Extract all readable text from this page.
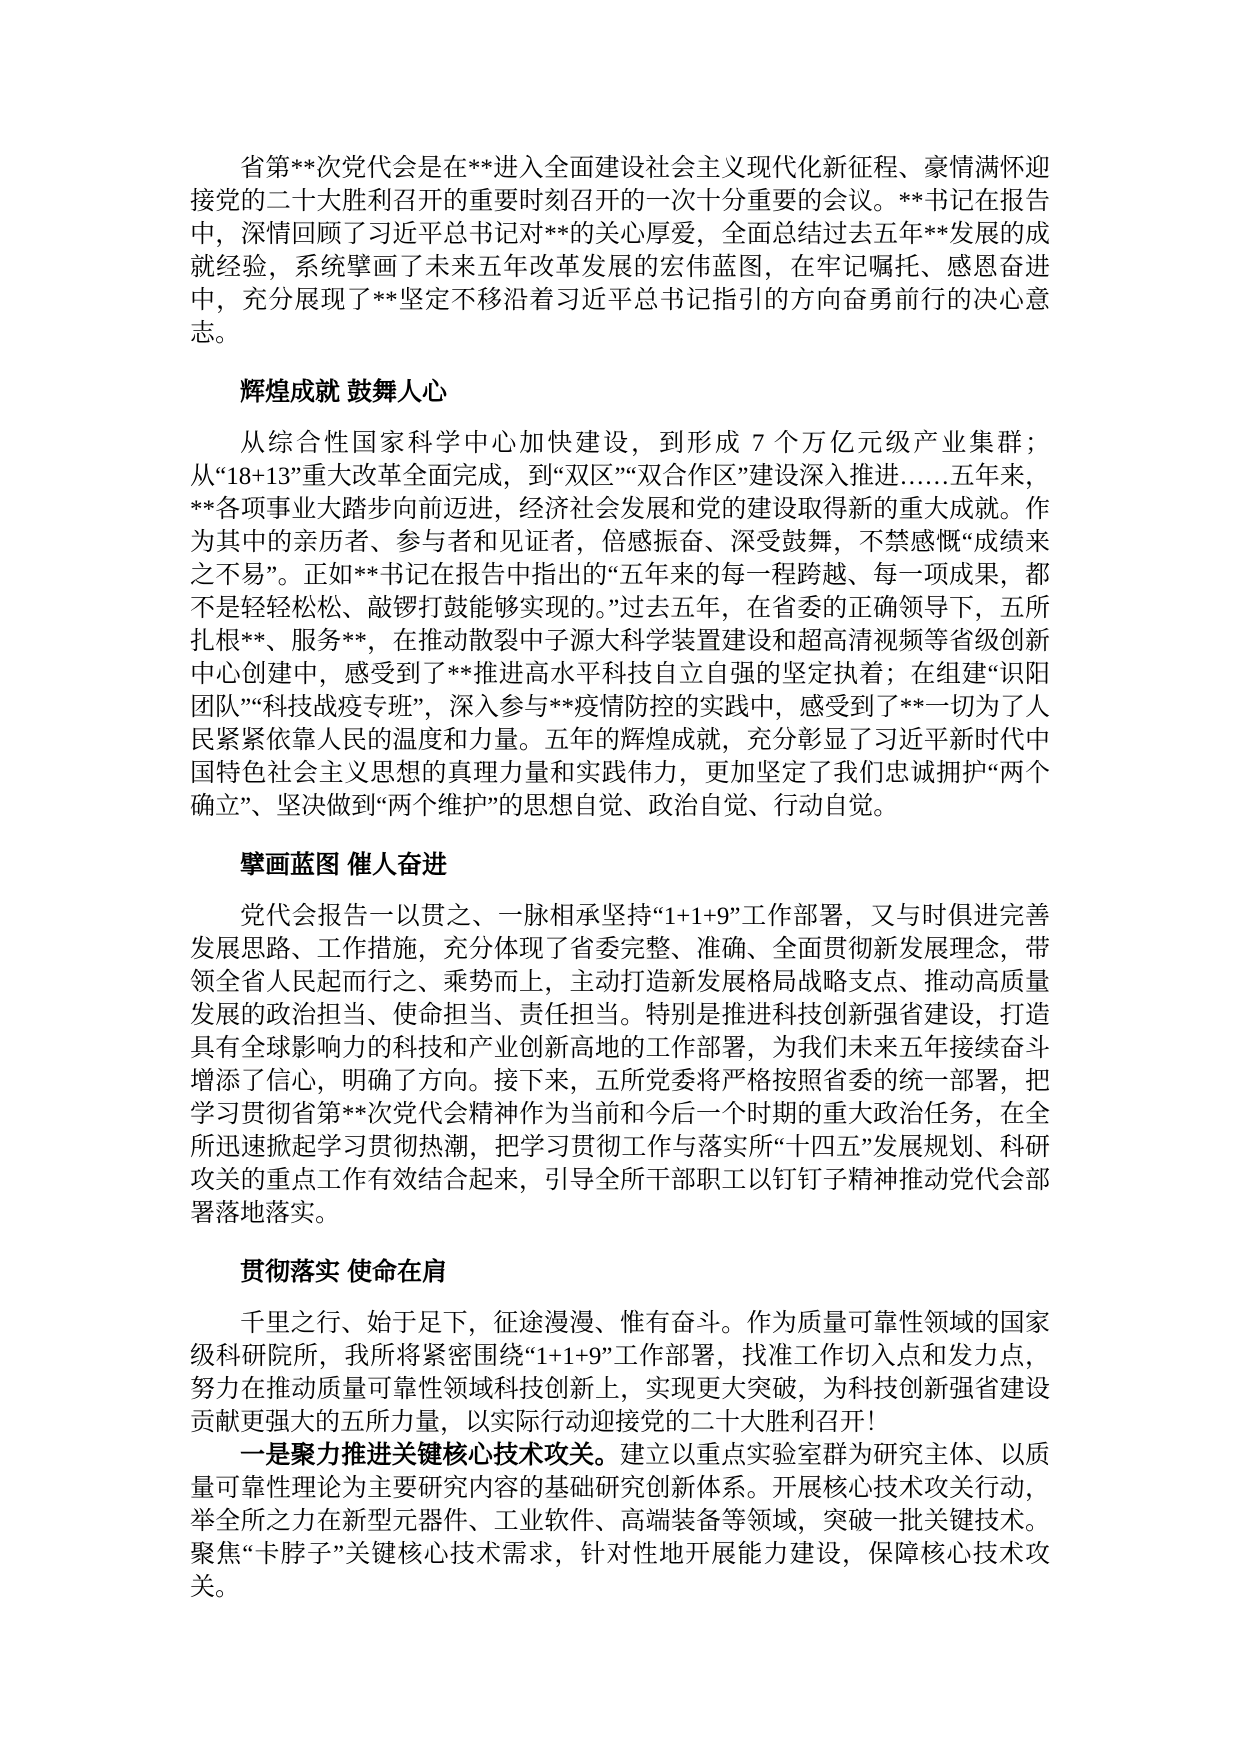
省第**次党代会是在**进入全面建设社会主义现代化新征程、豪情满怀迎接党的二十大胜利召开的重要时刻召开的一次十分重要的会议。**书记在报告中，深情回顾了习近平总书记对**的关心厚爱，全面总结过去五年**发展的成就经验，系统擘画了未来五年改革发展的宏伟蓝图，在牢记嘱托、感恩奋进中，充分展现了**坚定不移沿着习近平总书记指引的方向奋勇前行的决心意志。

辉煌成就 鼓舞人心

从综合性国家科学中心加快建设，到形成 7 个万亿元级产业集群；从“18+13”重大改革全面完成，到“双区”“双合作区”建设深入推进……五年来，**各项事业大踏步向前迈进，经济社会发展和党的建设取得新的重大成就。作为其中的亲历者、参与者和见证者，倍感振奋、深受鼓舞，不禁感慨“成绩来之不易”。正如**书记在报告中指出的“五年来的每一程跨越、每一项成果，都不是轻轻松松、敲锣打鼓能够实现的。”过去五年，在省委的正确领导下，五所扎根**、服务**，在推动散裂中子源大科学装置建设和超高清视频等省级创新中心创建中，感受到了**推进高水平科技自立自强的坚定执着；在组建“识阳团队”“科技战疫专班”，深入参与**疫情防控的实践中，感受到了**一切为了人民紧紧依靠人民的温度和力量。五年的辉煌成就，充分彰显了习近平新时代中国特色社会主义思想的真理力量和实践伟力，更加坚定了我们忠诚拥护“两个确立”、坚决做到“两个维护”的思想自觉、政治自觉、行动自觉。

擘画蓝图 催人奋进

党代会报告一以贯之、一脉相承坚持“1+1+9”工作部署，又与时俱进完善发展思路、工作措施，充分体现了省委完整、准确、全面贯彻新发展理念，带领全省人民起而行之、乘势而上，主动打造新发展格局战略支点、推动高质量发展的政治担当、使命担当、责任担当。特别是推进科技创新强省建设，打造具有全球影响力的科技和产业创新高地的工作部署，为我们未来五年接续奋斗增添了信心，明确了方向。接下来，五所党委将严格按照省委的统一部署，把学习贯彻省第**次党代会精神作为当前和今后一个时期的重大政治任务，在全所迅速掀起学习贯彻热潮，把学习贯彻工作与落实所“十四五”发展规划、科研攻关的重点工作有效结合起来，引导全所干部职工以钉钉子精神推动党代会部署落地落实。

贯彻落实 使命在肩

千里之行、始于足下，征途漫漫、惟有奋斗。作为质量可靠性领域的国家级科研院所，我所将紧密围绕“1+1+9”工作部署，找准工作切入点和发力点，努力在推动质量可靠性领域科技创新上，实现更大突破，为科技创新强省建设贡献更强大的五所力量，以实际行动迎接党的二十大胜利召开！

一是聚力推进关键核心技术攻关。建立以重点实验室群为研究主体、以质量可靠性理论为主要研究内容的基础研究创新体系。开展核心技术攻关行动，举全所之力在新型元器件、工业软件、高端装备等领域，突破一批关键技术。聚焦“卡脖子”关键核心技术需求，针对性地开展能力建设，保障核心技术攻关。
